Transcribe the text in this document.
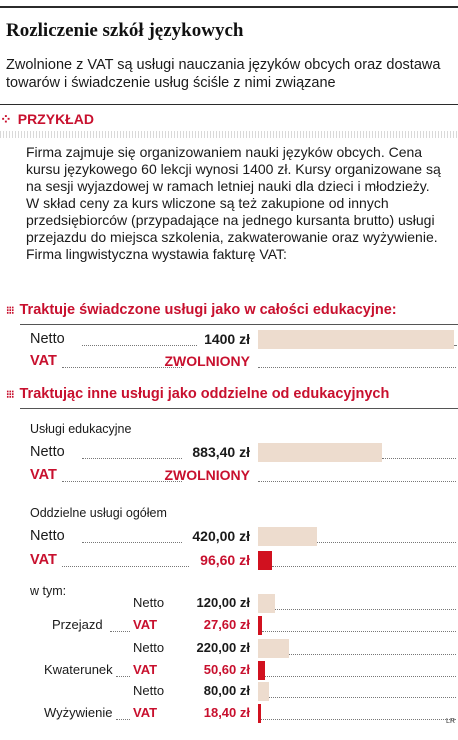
Rozliczenie szkół językowych
Zwolnione z VAT są usługi nauczania języków obcych oraz dostawa towarów i świadczenie usług ściśle z nimi związane
⁘ PRZYKŁAD
Firma zajmuje się organizowaniem nauki języków obcych. Cena kursu językowego 60 lekcji wynosi 1400 zł. Kursy organizowane są na sesji wyjazdowej w ramach letniej nauki dla dzieci i młodzieży. W skład ceny za kurs wliczone są też zakupione od innych przedsiębiorców (przypadające na jednego kursanta brutto) usługi przejazdu do miejsca szkolenia, zakwaterowanie oraz wyżywienie. Firma lingwistyczna wystawia fakturę VAT:
⁝⁝⁝ Traktuje świadczone usługi jako w całości edukacyjne:
Netto	1400 zł
VAT	ZWOLNIONY
⁝⁝⁝ Traktując inne usługi jako oddzielne od edukacyjnych
Usługi edukacyjne
Netto	883,40 zł
VAT	ZWOLNIONY
Oddzielne usługi ogółem
Netto	420,00 zł
VAT	96,60 zł
w tym:
Przejazd
Netto	120,00 zł
VAT	27,60 zł
Kwaterunek
Netto	220,00 zł
VAT	50,60 zł
Wyżywienie
Netto	80,00 zł
VAT	18,40 zł
LR
